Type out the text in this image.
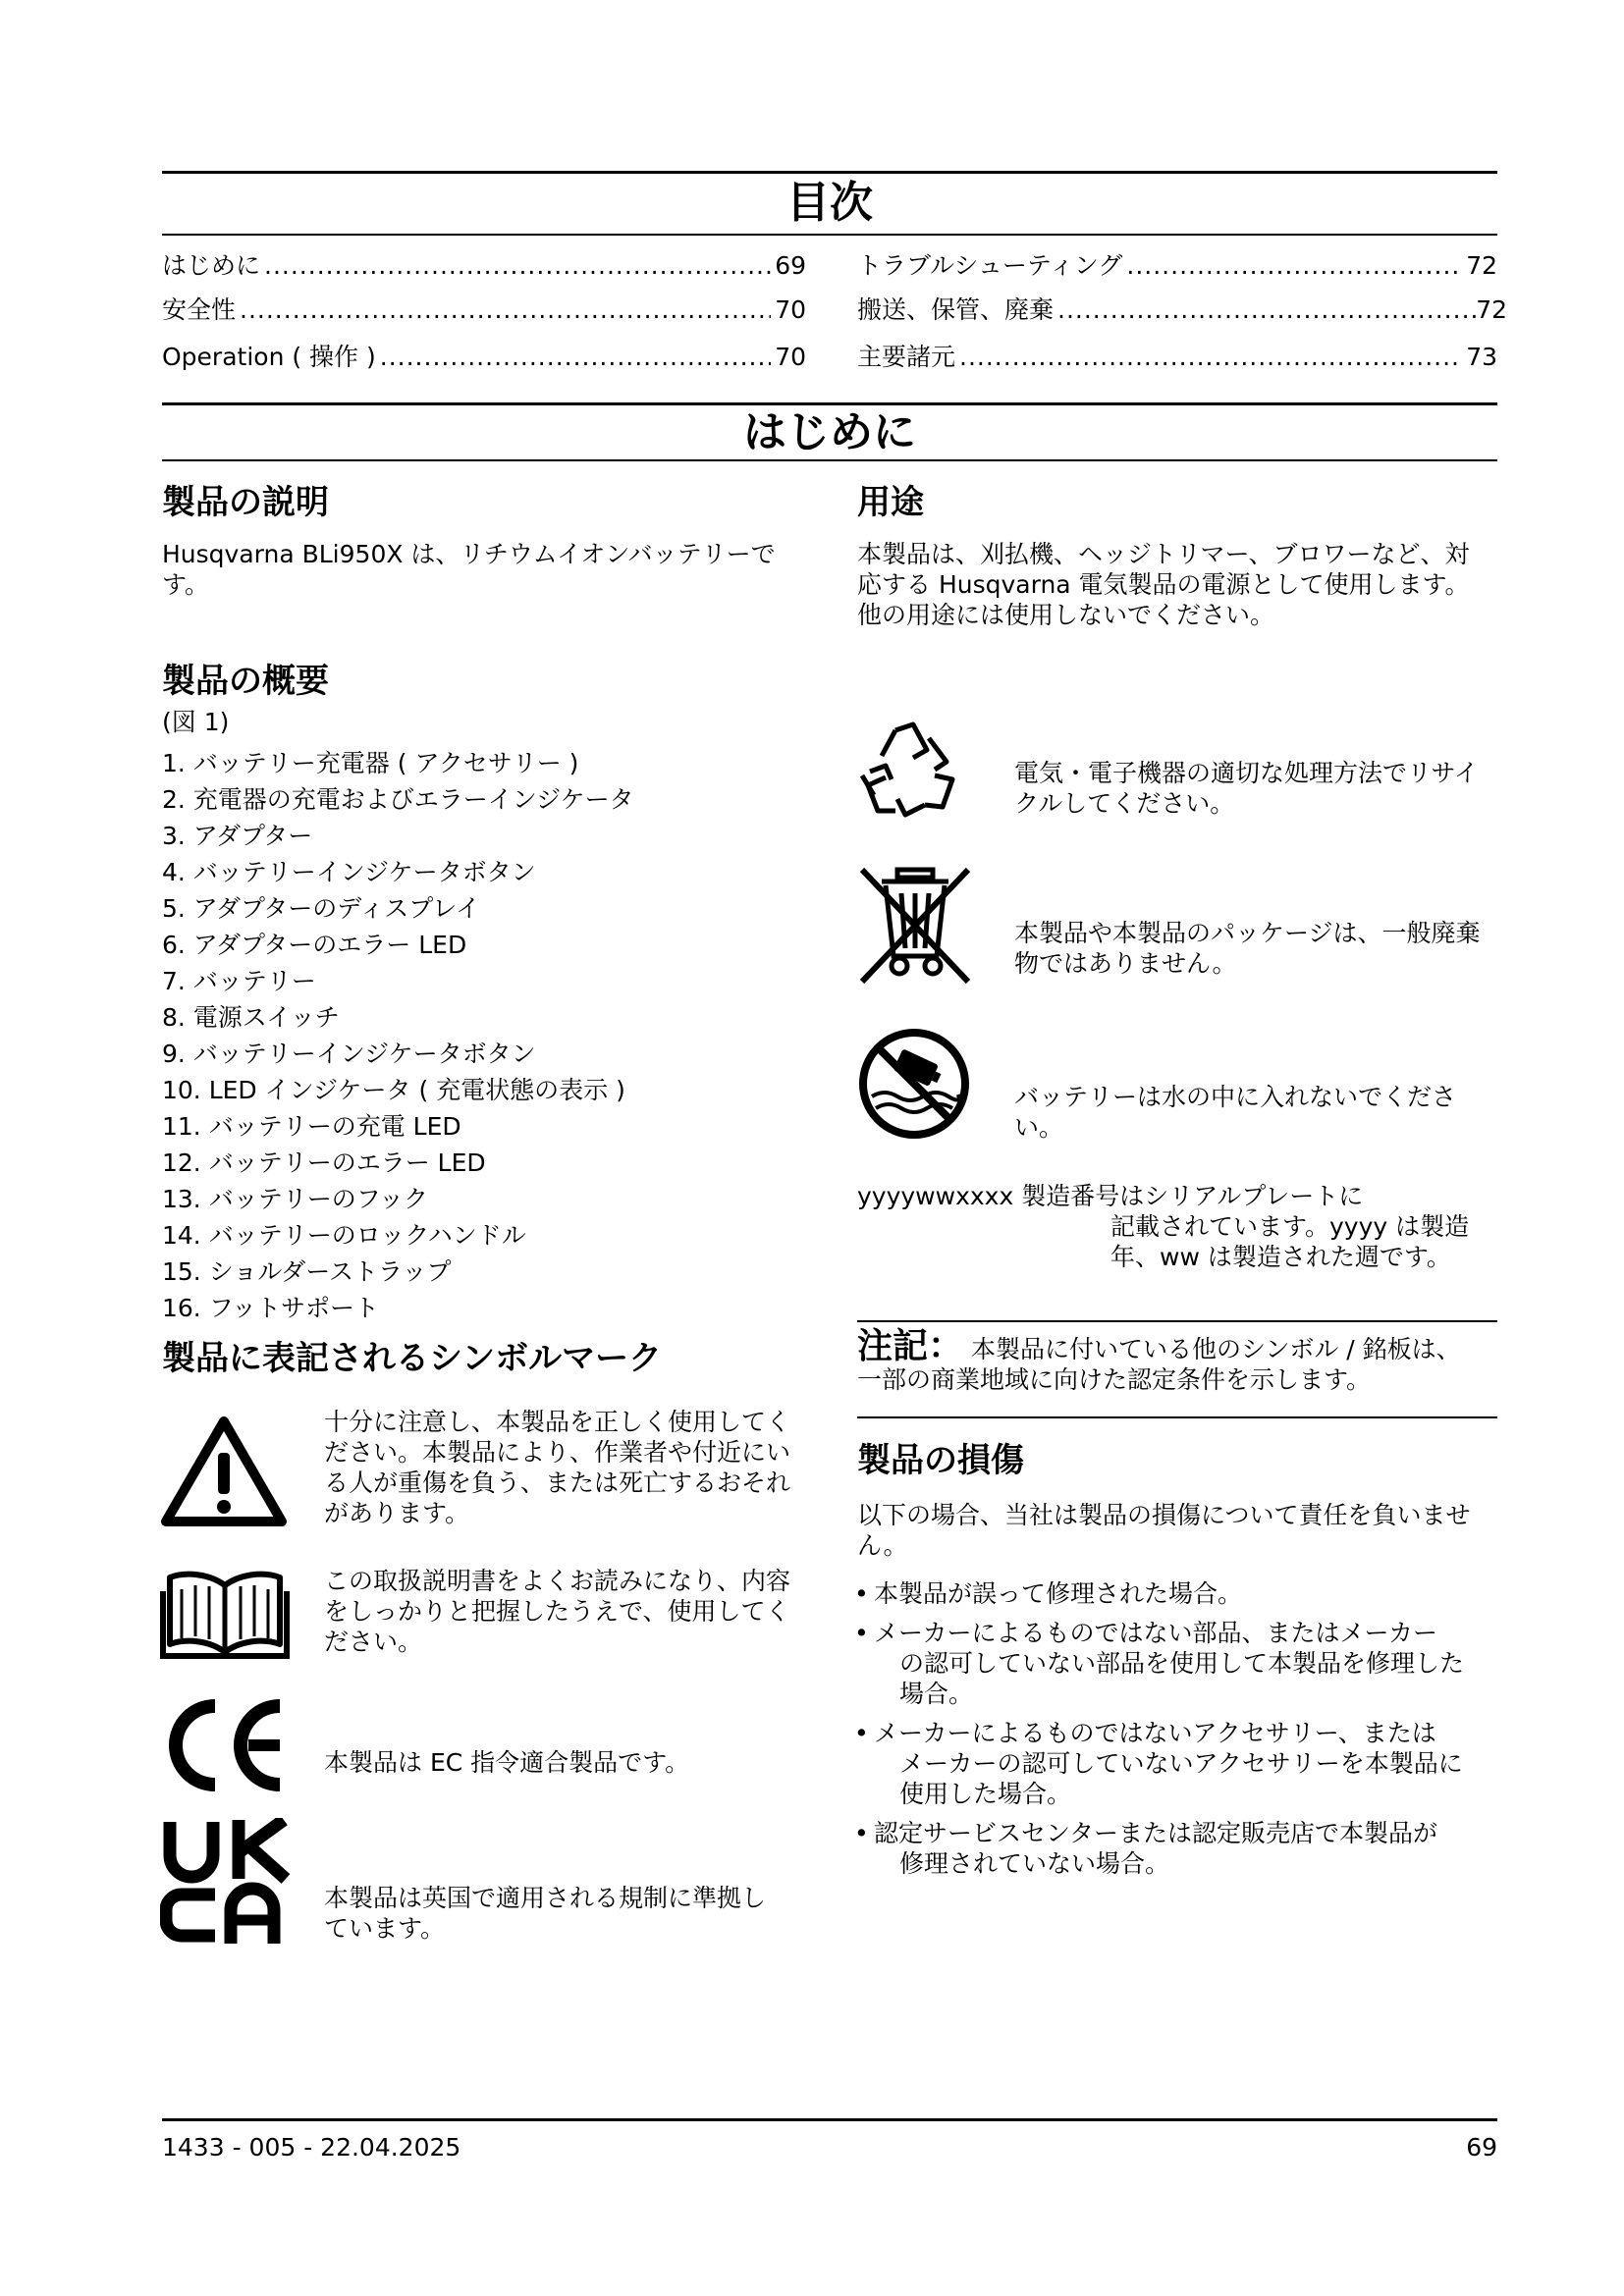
目次
はじめに .....	69
安全性 .....	70
Operation ( 操作 ) .....	70
トラブルシューティング .....	72
搬送、保管、廃棄 .....	72
主要諸元 .....	73
はじめに
製品の説明
Husqvarna BLi950X は、リチウムイオンバッテリーで
す。
製品の概要
(図 1)
1. バッテリー充電器 ( アクセサリー )
2. 充電器の充電およびエラーインジケータ
3. アダプター
4. バッテリーインジケータボタン
5. アダプターのディスプレイ
6. アダプターのエラー LED
7. バッテリー
8. 電源スイッチ
9. バッテリーインジケータボタン
10. LED インジケータ ( 充電状態の表示 )
11. バッテリーの充電 LED
12. バッテリーのエラー LED
13. バッテリーのフック
14. バッテリーのロックハンドル
15. ショルダーストラップ
16. フットサポート
製品に表記されるシンボルマーク
十分に注意し、本製品を正しく使用してく
ださい。本製品により、作業者や付近にい
る人が重傷を負う、または死亡するおそれ
があります。
この取扱説明書をよくお読みになり、内容
をしっかりと把握したうえで、使用してく
ださい。
本製品は EC 指令適合製品です。
本製品は英国で適用される規制に準拠し
ています。
用途
本製品は、刈払機、ヘッジトリマー、ブロワーなど、対
応する Husqvarna 電気製品の電源として使用します。
他の用途には使用しないでください。
電気・電子機器の適切な処理方法でリサイ
クルしてください。
本製品や本製品のパッケージは、一般廃棄
物ではありません。
バッテリーは水の中に入れないでくださ
い。
yyyywwxxxx 製造番号はシリアルプレートに
記載されています。yyyy は製造
年、ww は製造された週です。
注記： 本製品に付いている他のシンボル / 銘板は、
一部の商業地域に向けた認定条件を示します。
製品の損傷
以下の場合、当社は製品の損傷について責任を負いませ
ん。
• 本製品が誤って修理された場合。
• メーカーによるものではない部品、またはメーカー
の認可していない部品を使用して本製品を修理した
場合。
• メーカーによるものではないアクセサリー、または
メーカーの認可していないアクセサリーを本製品に
使用した場合。
• 認定サービスセンターまたは認定販売店で本製品が
修理されていない場合。
1433 - 005 - 22.04.2025	69
